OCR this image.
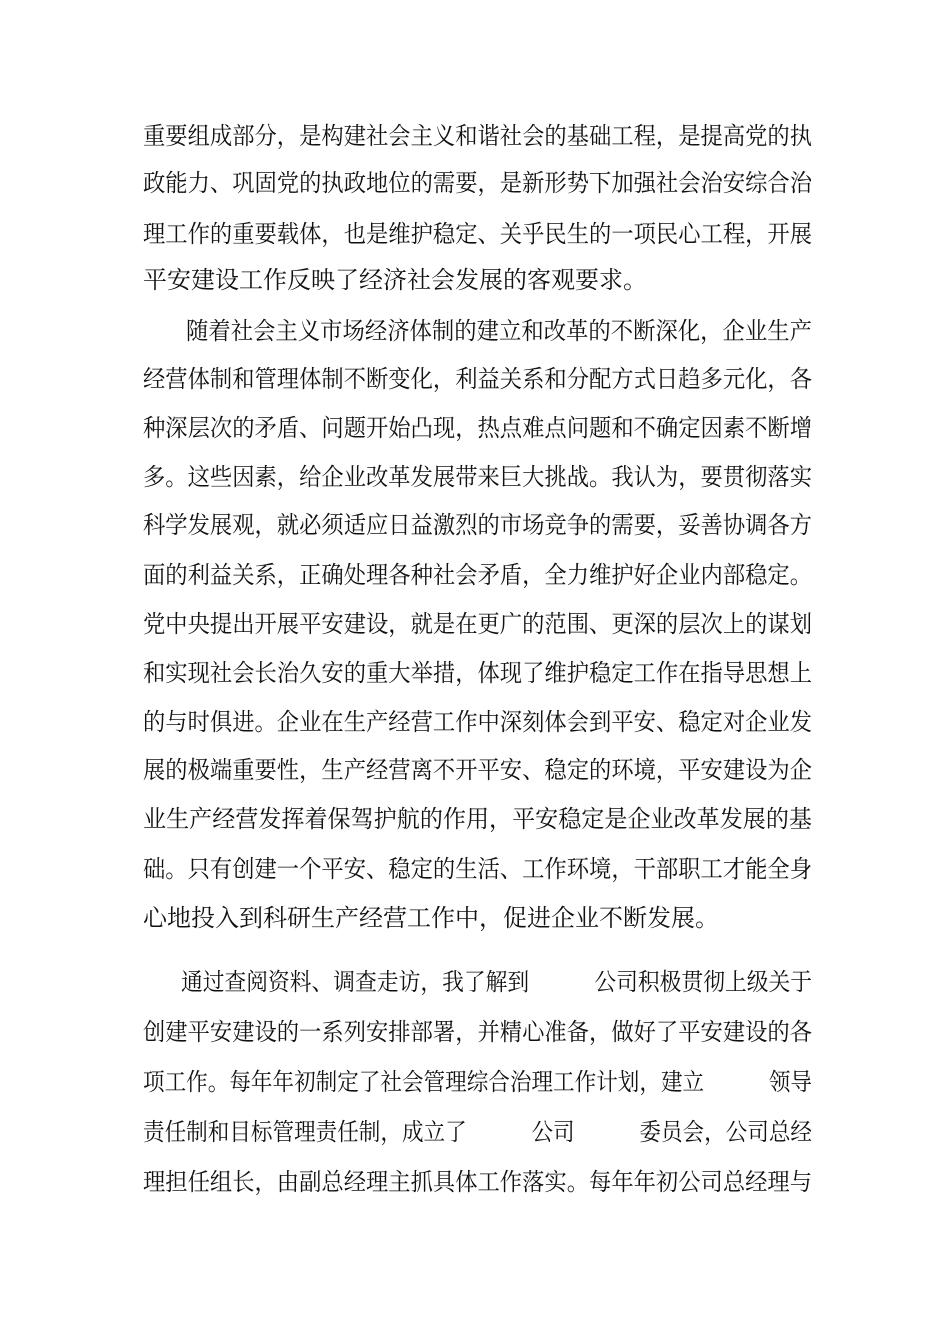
重要组成部分，是构建社会主义和谐社会的基础工程，是提高党的执
政能力、巩固党的执政地位的需要，是新形势下加强社会治安综合治
理工作的重要载体，也是维护稳定、关乎民生的一项民心工程，开展
平安建设工作反映了经济社会发展的客观要求。
随着社会主义市场经济体制的建立和改革的不断深化，企业生产
经营体制和管理体制不断变化，利益关系和分配方式日趋多元化，各
种深层次的矛盾、问题开始凸现，热点难点问题和不确定因素不断增
多。这些因素，给企业改革发展带来巨大挑战。我认为，要贯彻落实
科学发展观，就必须适应日益激烈的市场竞争的需要，妥善协调各方
面的利益关系，正确处理各种社会矛盾，全力维护好企业内部稳定。
党中央提出开展平安建设，就是在更广的范围、更深的层次上的谋划
和实现社会长治久安的重大举措，体现了维护稳定工作在指导思想上
的与时俱进。企业在生产经营工作中深刻体会到平安、稳定对企业发
展的极端重要性，生产经营离不开平安、稳定的环境，平安建设为企
业生产经营发挥着保驾护航的作用，平安稳定是企业改革发展的基
础。只有创建一个平安、稳定的生活、工作环境，干部职工才能全身
心地投入到科研生产经营工作中，促进企业不断发展。
通过查阅资料、调查走访，我了解到　　　公司积极贯彻上级关于
创建平安建设的一系列安排部署，并精心准备，做好了平安建设的各
项工作。每年年初制定了社会管理综合治理工作计划，建立　　　领导
责任制和目标管理责任制，成立了　　　公司　　　委员会，公司总经
理担任组长，由副总经理主抓具体工作落实。每年年初公司总经理与
